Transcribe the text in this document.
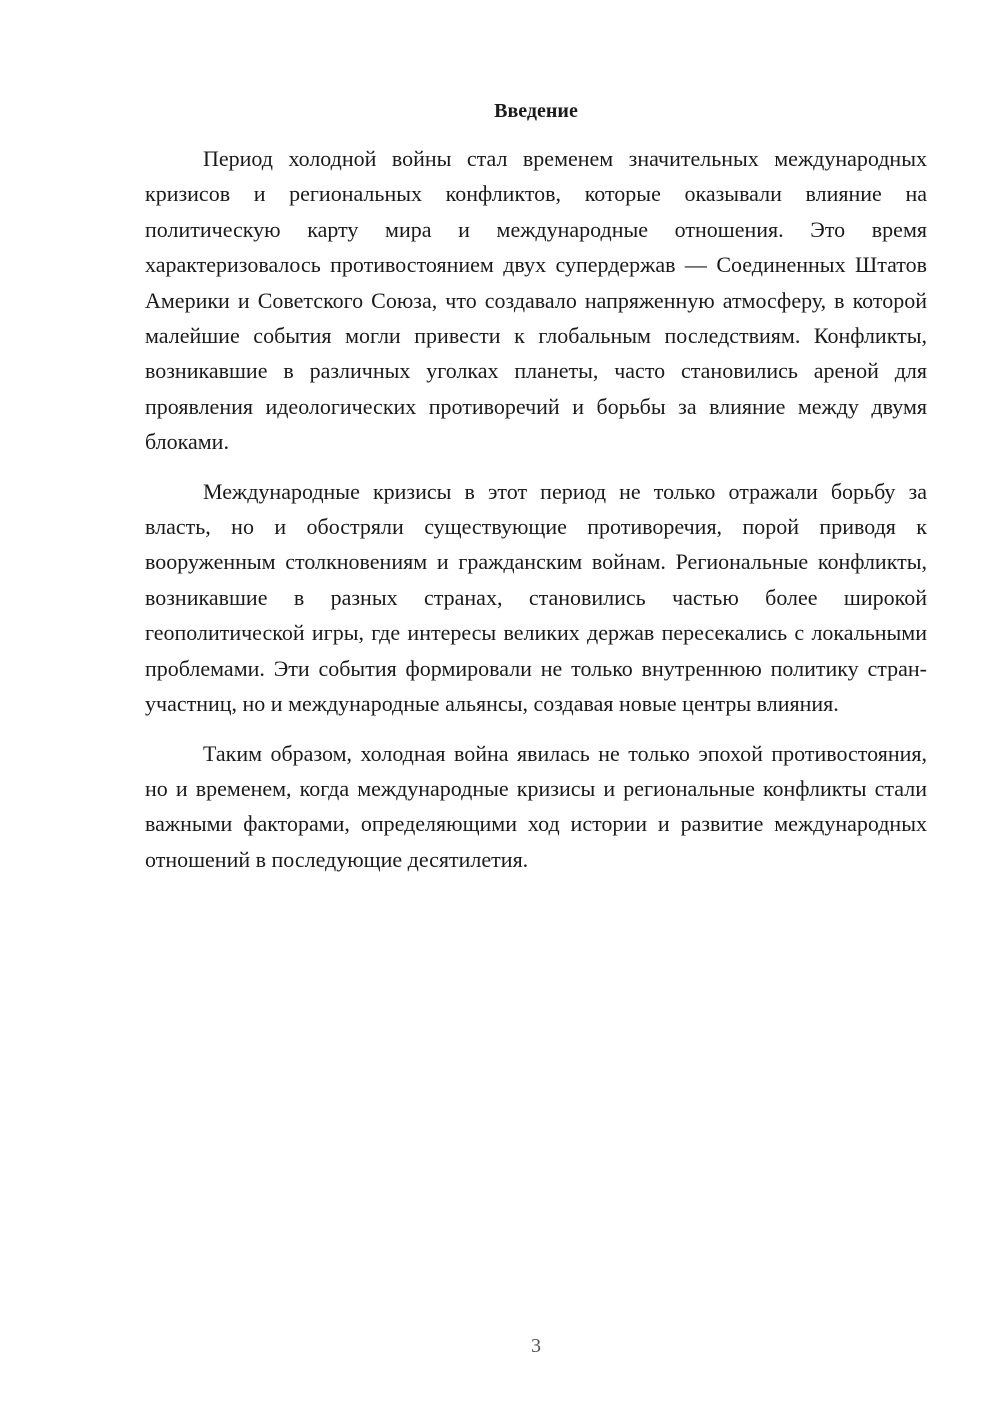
Введение

Период холодной войны стал временем значительных международных кризисов и региональных конфликтов, которые оказывали влияние на политическую карту мира и международные отношения. Это время характеризовалось противостоянием двух супердержав — Соединенных Штатов Америки и Советского Союза, что создавало напряженную атмосферу, в которой малейшие события могли привести к глобальным последствиям. Конфликты, возникавшие в различных уголках планеты, часто становились ареной для проявления идеологических противоречий и борьбы за влияние между двумя блоками.

Международные кризисы в этот период не только отражали борьбу за власть, но и обостряли существующие противоречия, порой приводя к вооруженным столкновениям и гражданским войнам. Региональные конфликты, возникавшие в разных странах, становились частью более широкой геополитической игры, где интересы великих держав пересекались с локальными проблемами. Эти события формировали не только внутреннюю политику стран-участниц, но и международные альянсы, создавая новые центры влияния.

Таким образом, холодная война явилась не только эпохой противостояния, но и временем, когда международные кризисы и региональные конфликты стали важными факторами, определяющими ход истории и развитие международных отношений в последующие десятилетия.

3
